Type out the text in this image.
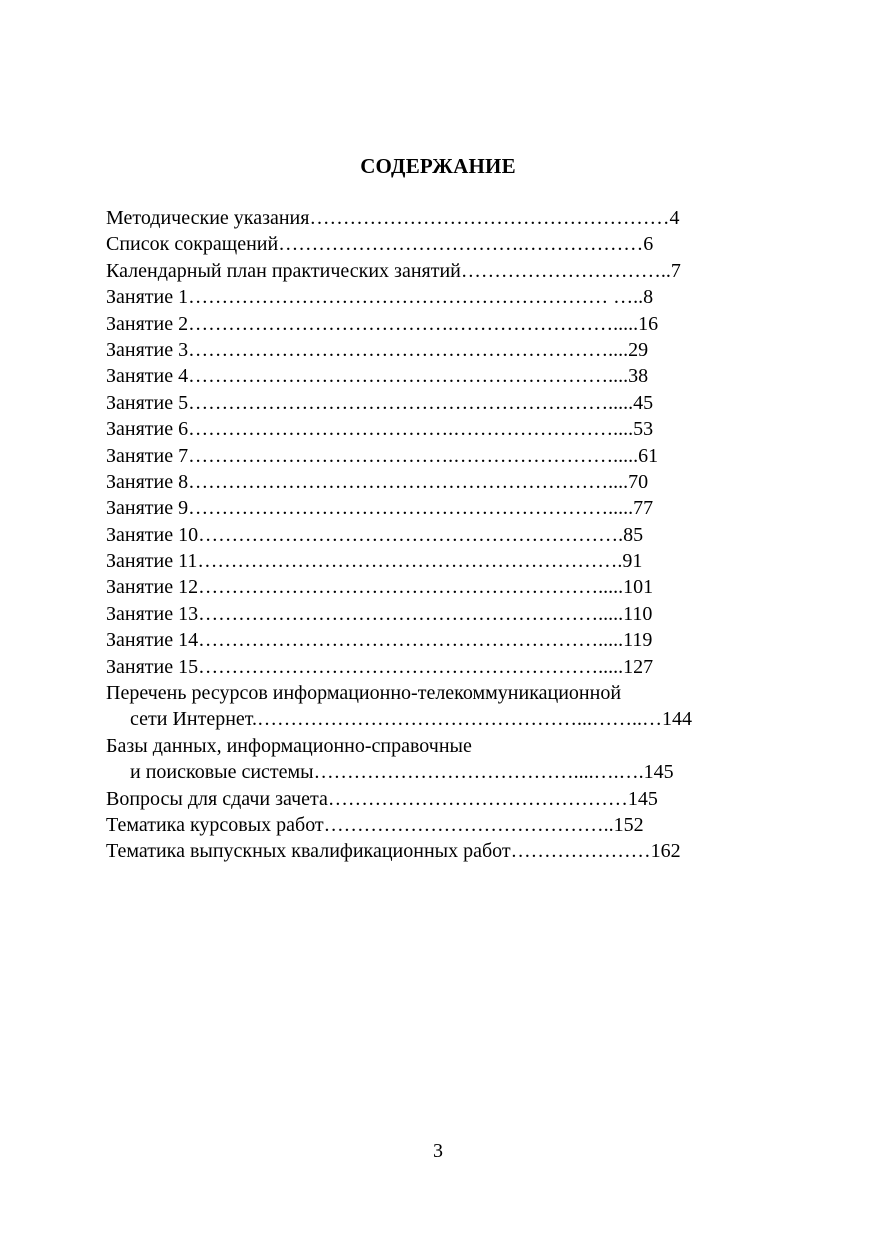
СОДЕРЖАНИЕ
Методические указания………………………………………………4
Список сокращений……………………………….………………6
Календарный план практических занятий…………………………..7
Занятие 1……………………………………………………… …..8
Занятие 2………………………………….…………………….....16
Занятие 3………………………………………………………....29
Занятие 4………………………………………………………....38
Занятие 5……………………………………………………….....45
Занятие 6………………………………….……………………....53
Занятие 7………………………………….…………………….....61
Занятие 8………………………………………………………....70
Занятие 9……………………………………………………….....77
Занятие 10……………………………………………………….85
Занятие 11……………………………………………………….91
Занятие 12…………………………………………………….....101
Занятие 13…………………………………………………….....110
Занятие 14…………………………………………………….....119
Занятие 15…………………………………………………….....127
Перечень ресурсов информационно-телекоммуникационной
сети Интернет.…………………………………………...……..…144
Базы данных, информационно-справочные
и поисковые системы…………………………………....….….145
Вопросы для сдачи зачета………………………………………145
Тематика курсовых работ……………………………………..152
Тематика выпускных квалификационных работ…………………162
3
